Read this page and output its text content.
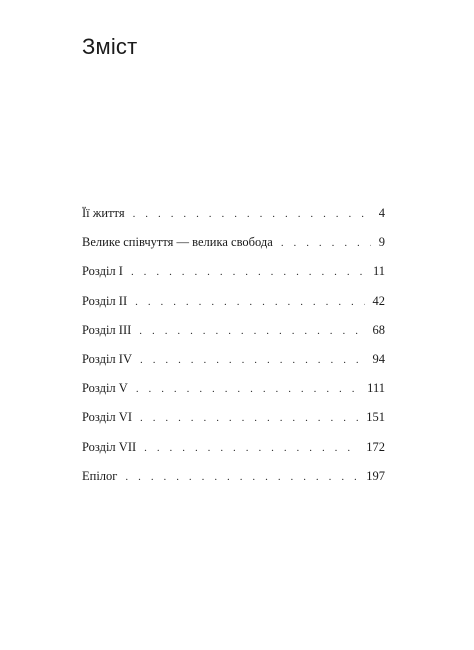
Зміст
Її життя . . .	4
Велике співчуття — велика свобода . . .	9
Розділ I . . .	11
Розділ II . . .	42
Розділ III . . .	68
Розділ IV . . .	94
Розділ V . . .	111
Розділ VI . . .	151
Розділ VII . . .	172
Епілог . . .	197
